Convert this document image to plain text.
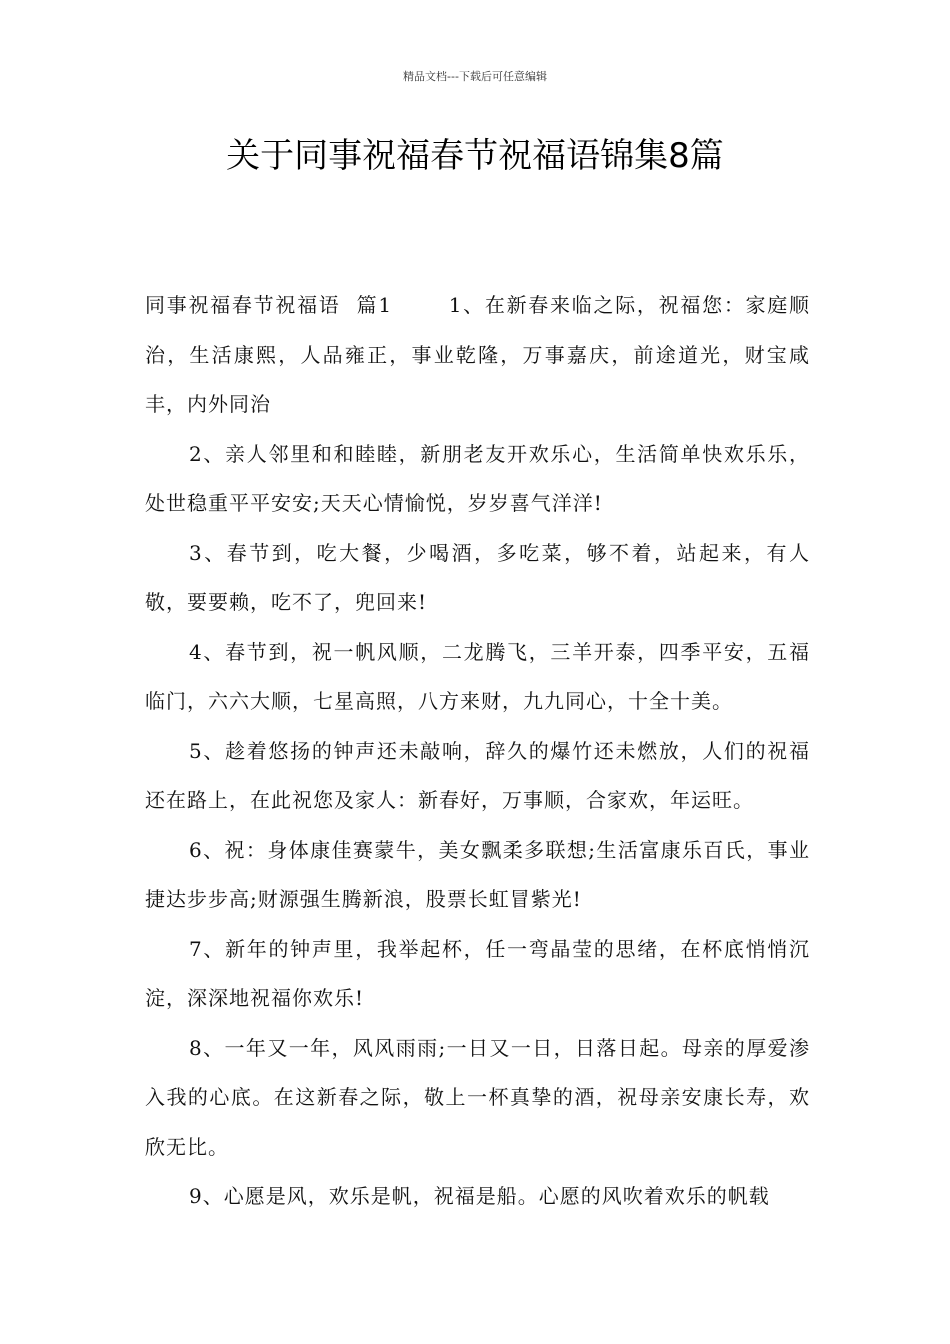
精品文档---下载后可任意编辑
关于同事祝福春节祝福语锦集8篇

同事祝福春节祝福语  篇1       1、在新春来临之际，祝福您：家庭顺治，生活康熙，人品雍正，事业乾隆，万事嘉庆，前途道光，财宝咸丰，内外同治

2、亲人邻里和和睦睦，新朋老友开欢乐心，生活简单快欢乐乐，处世稳重平平安安;天天心情愉悦，岁岁喜气洋洋!

3、春节到，吃大餐，少喝酒，多吃菜，够不着，站起来，有人敬，要要赖，吃不了，兜回来!

4、春节到，祝一帆风顺，二龙腾飞，三羊开泰，四季平安，五福临门，六六大顺，七星高照，八方来财，九九同心，十全十美。

5、趁着悠扬的钟声还未敲响，辞久的爆竹还未燃放，人们的祝福还在路上，在此祝您及家人：新春好，万事顺，合家欢，年运旺。

6、祝：身体康佳赛蒙牛，美女飘柔多联想;生活富康乐百氏，事业捷达步步高;财源强生腾新浪，股票长虹冒紫光!

7、新年的钟声里，我举起杯，任一弯晶莹的思绪，在杯底悄悄沉淀，深深地祝福你欢乐!

8、一年又一年，风风雨雨;一日又一日，日落日起。母亲的厚爱渗入我的心底。在这新春之际，敬上一杯真挚的酒，祝母亲安康长寿，欢欣无比。

9、心愿是风，欢乐是帆，祝福是船。心愿的风吹着欢乐的帆载
